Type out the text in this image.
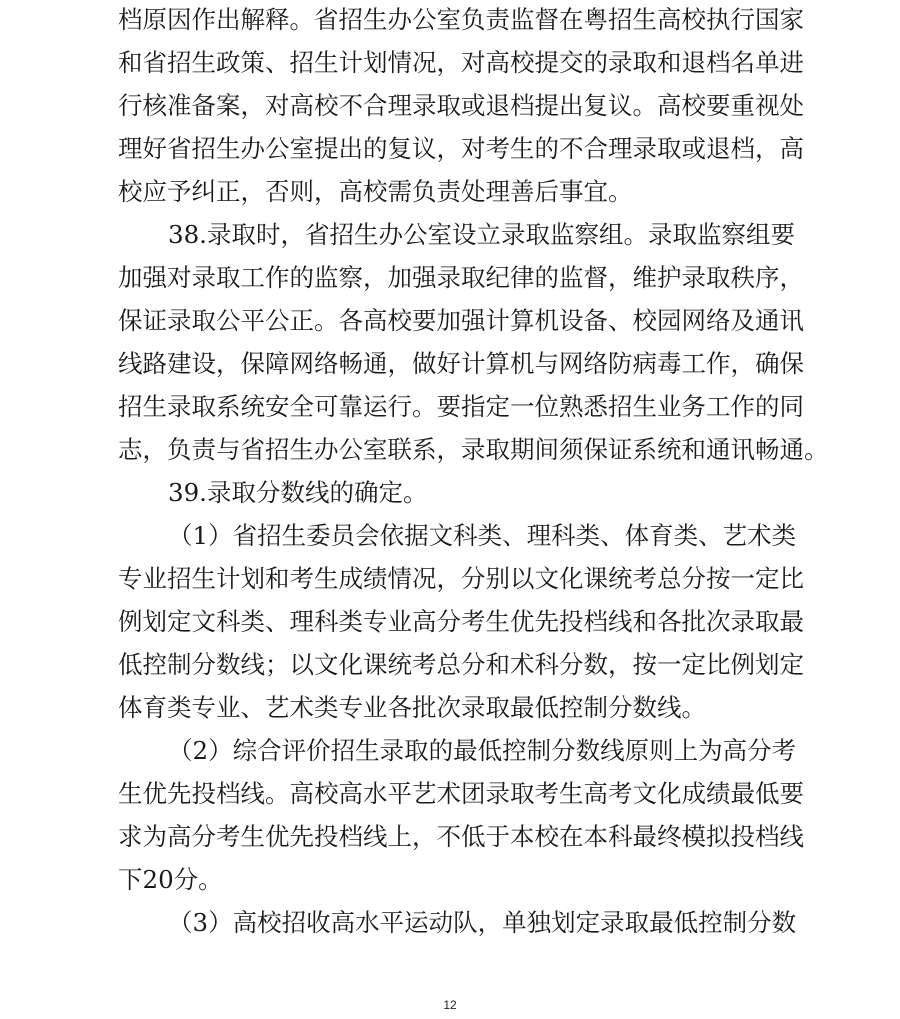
档原因作出解释。省招生办公室负责监督在粤招生高校执行国家
和省招生政策、招生计划情况，对高校提交的录取和退档名单进
行核准备案，对高校不合理录取或退档提出复议。高校要重视处
理好省招生办公室提出的复议，对考生的不合理录取或退档，高
校应予纠正，否则，高校需负责处理善后事宜。
38.录取时，省招生办公室设立录取监察组。录取监察组要
加强对录取工作的监察，加强录取纪律的监督，维护录取秩序，
保证录取公平公正。各高校要加强计算机设备、校园网络及通讯
线路建设，保障网络畅通，做好计算机与网络防病毒工作，确保
招生录取系统安全可靠运行。要指定一位熟悉招生业务工作的同
志，负责与省招生办公室联系，录取期间须保证系统和通讯畅通。
39.录取分数线的确定。
（1）省招生委员会依据文科类、理科类、体育类、艺术类
专业招生计划和考生成绩情况，分别以文化课统考总分按一定比
例划定文科类、理科类专业高分考生优先投档线和各批次录取最
低控制分数线；以文化课统考总分和术科分数，按一定比例划定
体育类专业、艺术类专业各批次录取最低控制分数线。
（2）综合评价招生录取的最低控制分数线原则上为高分考
生优先投档线。高校高水平艺术团录取考生高考文化成绩最低要
求为高分考生优先投档线上，不低于本校在本科最终模拟投档线
下20分。
（3）高校招收高水平运动队，单独划定录取最低控制分数
12
